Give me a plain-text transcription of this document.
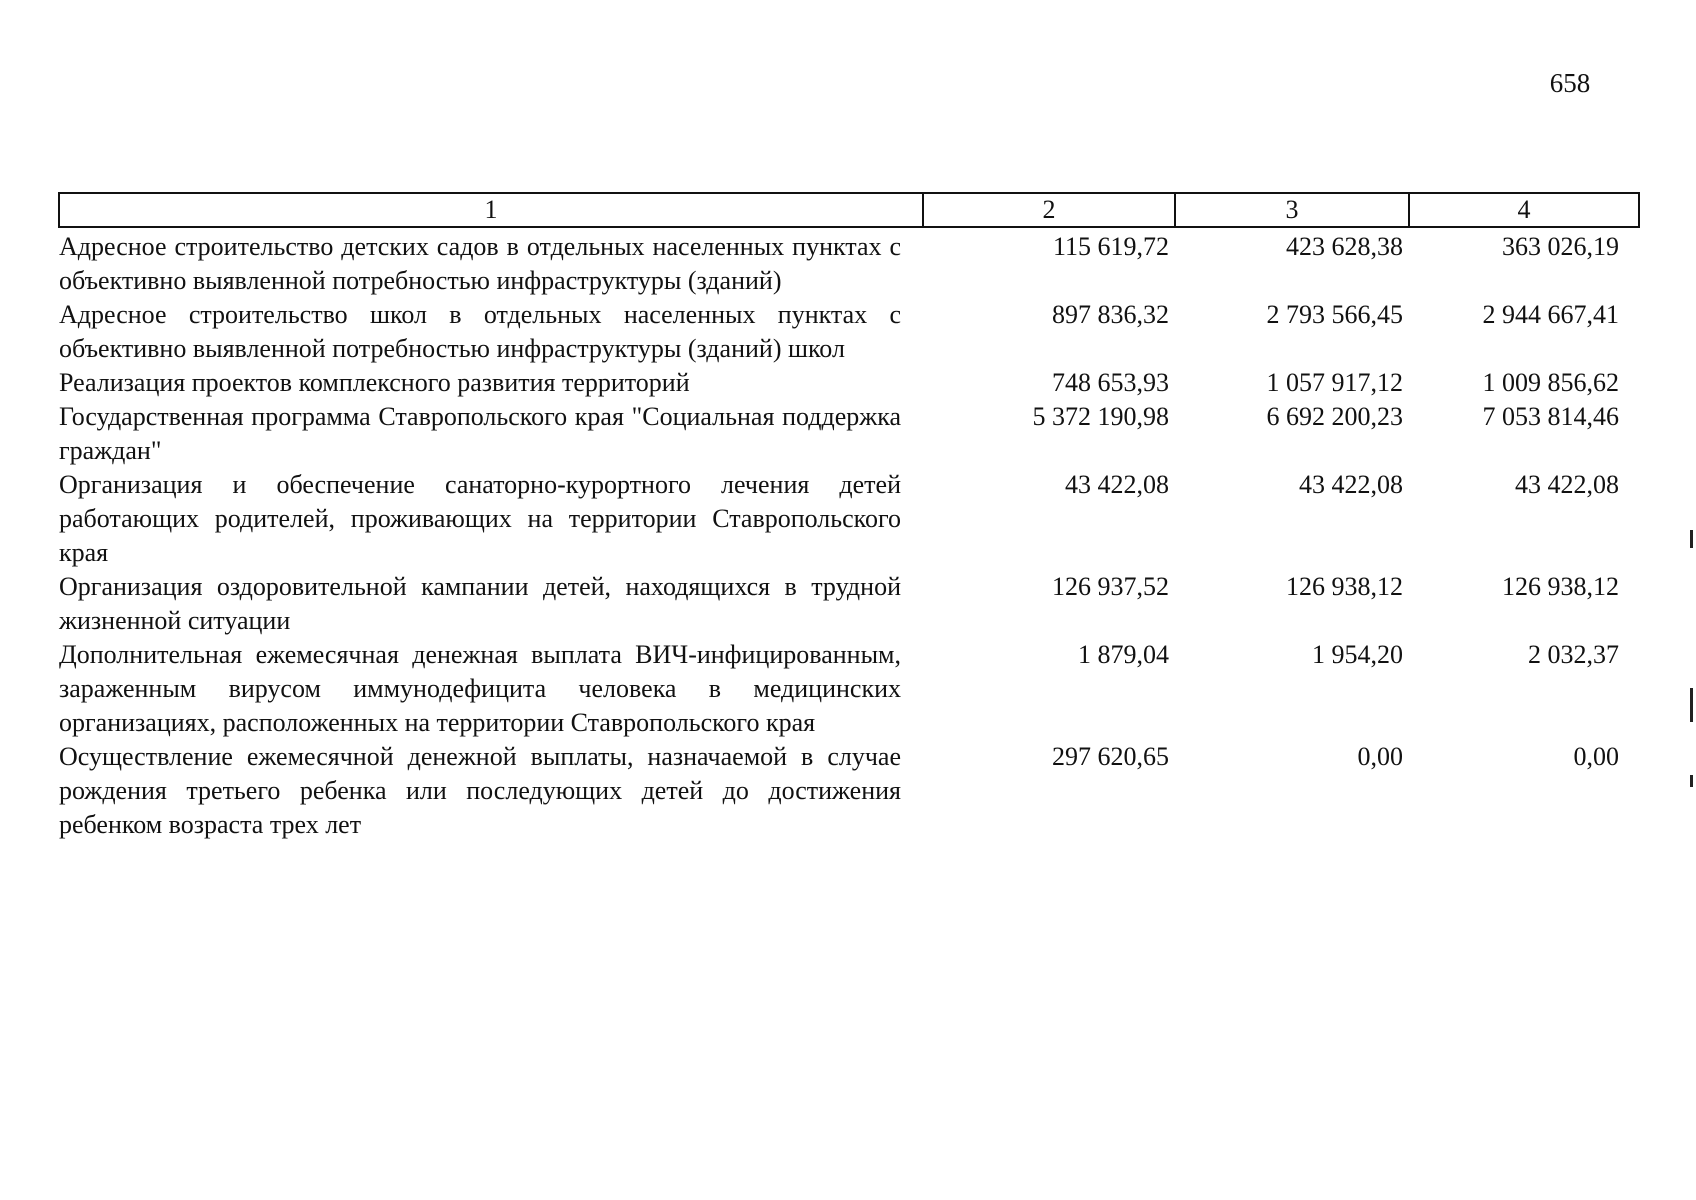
658
1	2	3	4
Адресное строительство детских садов в отдельных населенных пунктах с объективно выявленной потребностью инфраструктуры (зданий)	115 619,72	423 628,38	363 026,19
Адресное строительство школ в отдельных населенных пунктах с объективно выявленной потребностью инфраструктуры (зданий) школ	897 836,32	2 793 566,45	2 944 667,41
Реализация проектов комплексного развития территорий	748 653,93	1 057 917,12	1 009 856,62
Государственная программа Ставропольского края "Социальная поддержка граждан"	5 372 190,98	6 692 200,23	7 053 814,46
Организация и обеспечение санаторно-курортного лечения детей работающих родителей, проживающих на территории Ставропольского края	43 422,08	43 422,08	43 422,08
Организация оздоровительной кампании детей, находящихся в трудной жизненной ситуации	126 937,52	126 938,12	126 938,12
Дополнительная ежемесячная денежная выплата ВИЧ-инфицированным, зараженным вирусом иммунодефицита человека в медицинских организациях, расположенных на территории Ставропольского края	1 879,04	1 954,20	2 032,37
Осуществление ежемесячной денежной выплаты, назначаемой в случае рождения третьего ребенка или последующих детей до достижения ребенком возраста трех лет	297 620,65	0,00	0,00
